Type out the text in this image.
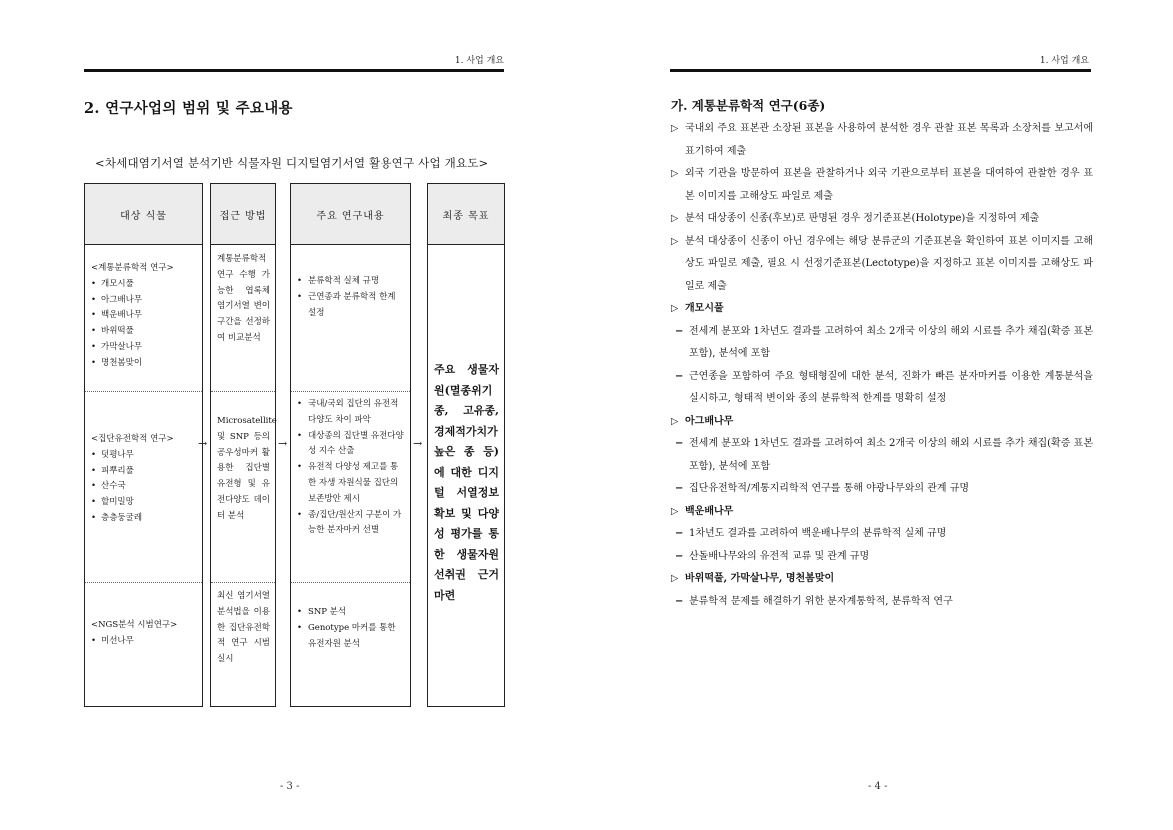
1. 사업 개요
2. 연구사업의 범위 및 주요내용
<차세대염기서열 분석기반 식물자원 디지털염기서열 활용연구 사업 개요도>
대상 식물
<계통분류학적 연구>
• 개모시풀
• 아그배나무
• 백운배나무
• 바위떡풀
• 가막살나무
• 명천봄맞이
<집단유전학적 연구>
• 덧평나무
• 피뿌리풀
• 산수국
• 할미밀망
• 층층둥굴레
<NGS분석 시범연구>
• 미선나무
접근 방법
계통분류학적 연구 수행 가능한 엽록체 염기서열 변이 구간을 선정하여 비교분석
Microsatellite 및 SNP 등의 공우성마커 활용한 집단별 유전형 및 유전다양도 데이터 분석
최신 염기서열분석법을 이용한 집단유전학적 연구 시범실시
주요 연구내용
• 분류학적 실체 규명
• 근연종과 분류학적 한계 설정
• 국내/국외 집단의 유전적 다양도 차이 파악
• 대상종의 집단별 유전다양성 지수 산출
• 유전적 다양성 제고를 통한 자생 자원식물 집단의 보존방안 제시
• 종/집단/원산지 구분이 가능한 분자마커 선별
• SNP 분석
• Genotype 마커를 통한 유전자원 분석
최종 목표
주요 생물자원(멸종위기종, 고유종, 경제적가치가 높은 종 등)에 대한 디지털 서열정보 확보 및 다양성 평가를 통한 생물자원 선취권 근거 마련
→	→	→
- 3 -
1. 사업 개요
가. 계통분류학적 연구(6종)
▷ 국내외 주요 표본관 소장된 표본을 사용하여 분석한 경우 관찰 표본 목록과 소장처를 보고서에 표기하여 제출
▷ 외국 기관을 방문하여 표본을 관찰하거나 외국 기관으로부터 표본을 대여하여 관찰한 경우 표본 이미지를 고해상도 파일로 제출
▷ 분석 대상종이 신종(후보)로 판명된 경우 정기준표본(Holotype)을 지정하여 제출
▷ 분석 대상종이 신종이 아닌 경우에는 해당 분류군의 기준표본을 확인하여 표본 이미지를 고해상도 파일로 제출, 필요 시 선정기준표본(Lectotype)을 지정하고 표본 이미지를 고해상도 파일로 제출
▷ 개모시풀
− 전세계 분포와 1차년도 결과를 고려하여 최소 2개국 이상의 해외 시료를 추가 채집(확증 표본 포함), 분석에 포함
− 근연종을 포함하여 주요 형태형질에 대한 분석, 진화가 빠른 분자마커를 이용한 계통분석을 실시하고, 형태적 변이와 종의 분류학적 한계를 명확히 설정
▷ 아그배나무
− 전세계 분포와 1차년도 결과를 고려하여 최소 2개국 이상의 해외 시료를 추가 채집(확증 표본 포함), 분석에 포함
− 집단유전학적/계통지리학적 연구를 통해 야광나무와의 관계 규명
▷ 백운배나무
− 1차년도 결과를 고려하여 백운배나무의 분류학적 실체 규명
− 산돌배나무와의 유전적 교류 및 관계 규명
▷ 바위떡풀, 가막살나무, 명천봄맞이
− 분류학적 문제를 해결하기 위한 분자계통학적, 분류학적 연구
- 4 -
